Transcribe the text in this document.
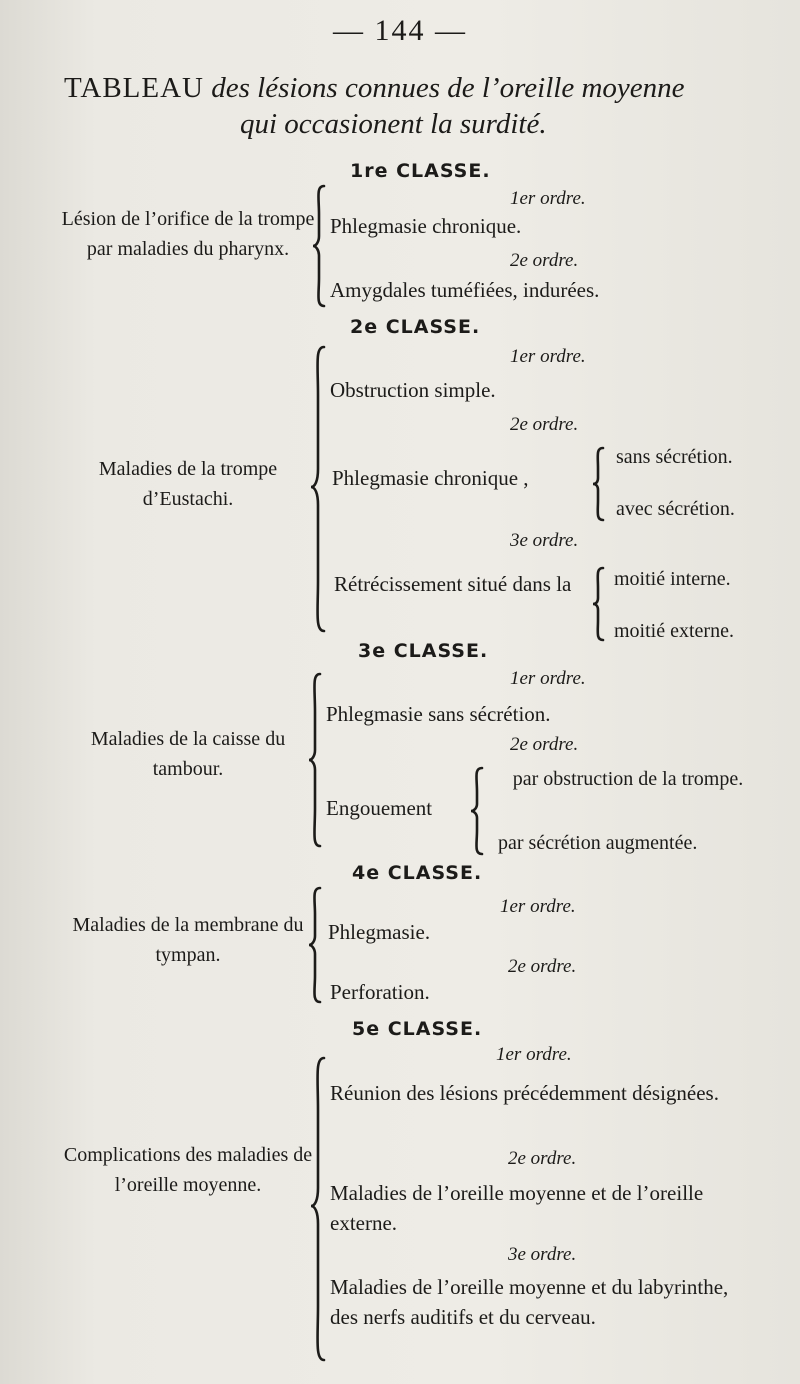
— 144 —
TABLEAU des lésions connues de l’oreille moyenne
qui occasionent la surdité.
1re CLASSE.
Lésion de l’orifice de la trompe par maladies du pharynx.
1er ordre.
Phlegmasie chronique.
2e ordre.
Amygdales tuméfiées, indurées.
2e CLASSE.
Maladies de la trompe d’Eustachi.
1er ordre.
Obstruction simple.
2e ordre.
Phlegmasie chronique ,
sans sécrétion.
avec sécrétion.
3e ordre.
Rétrécissement situé dans la moitié interne.
moitié externe.
3e CLASSE.
Maladies de la caisse du tambour.
1er ordre.
Phlegmasie sans sécrétion.
2e ordre.
Engouement
par obstruction de la trompe.
par sécrétion augmentée.
4e CLASSE.
Maladies de la membrane du tympan.
1er ordre.
Phlegmasie.
2e ordre.
Perforation.
5e CLASSE.
Complications des maladies de l’oreille moyenne.
1er ordre.
Réunion des lésions précédemment désignées.
2e ordre.
Maladies de l’oreille moyenne et de l’oreille externe.
3e ordre.
Maladies de l’oreille moyenne et du labyrinthe, des nerfs auditifs et du cerveau.
